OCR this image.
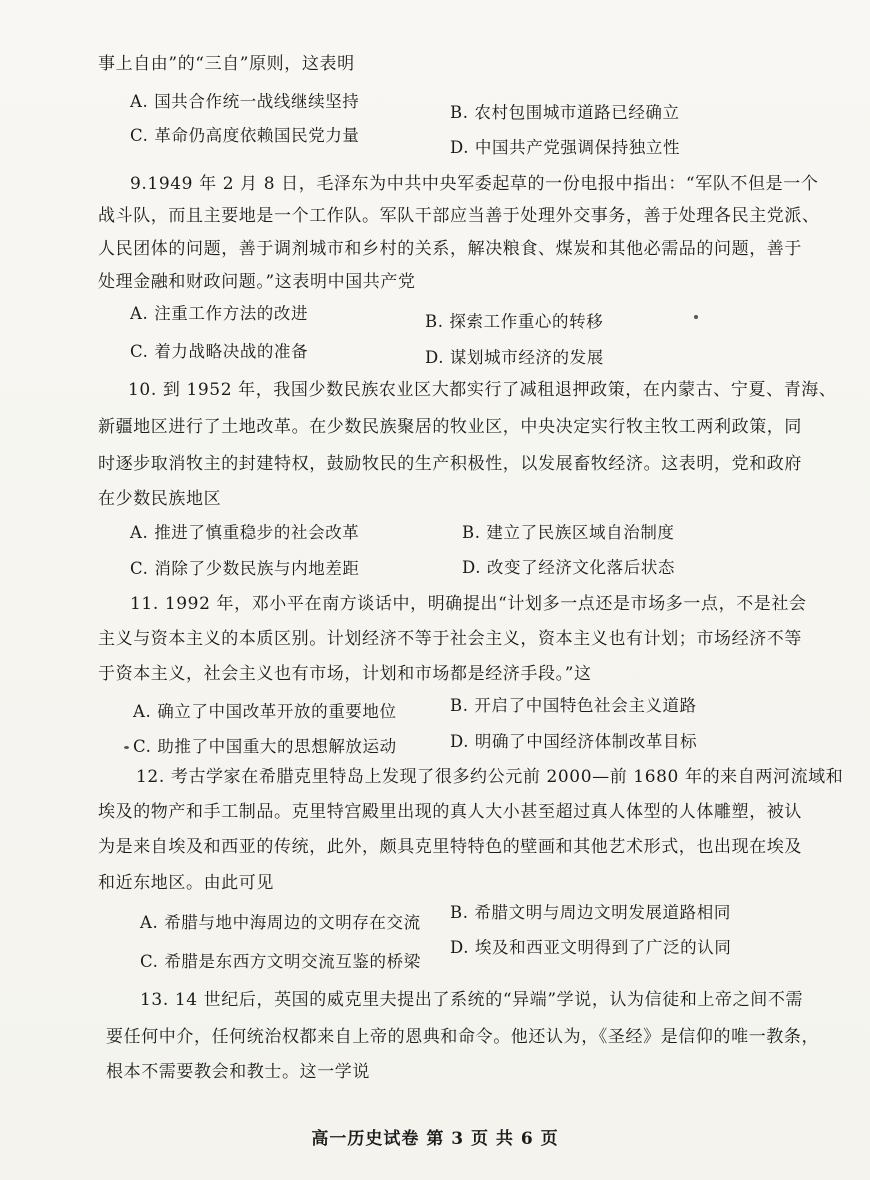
事上自由”的“三自”原则，这表明
A. 国共合作统一战线继续坚持
B. 农村包围城市道路已经确立
C. 革命仍高度依赖国民党力量
D. 中国共产党强调保持独立性
9.1949 年 2 月 8 日，毛泽东为中共中央军委起草的一份电报中指出：“军队不但是一个
战斗队，而且主要地是一个工作队。军队干部应当善于处理外交事务，善于处理各民主党派、
人民团体的问题，善于调剂城市和乡村的关系，解决粮食、煤炭和其他必需品的问题，善于
处理金融和财政问题。”这表明中国共产党
A. 注重工作方法的改进	B. 探索工作重心的转移
C. 着力战略决战的准备	D. 谋划城市经济的发展
10. 到 1952 年，我国少数民族农业区大都实行了减租退押政策，在内蒙古、宁夏、青海、
新疆地区进行了土地改革。在少数民族聚居的牧业区，中央决定实行牧主牧工两利政策，同
时逐步取消牧主的封建特权，鼓励牧民的生产积极性，以发展畜牧经济。这表明，党和政府
在少数民族地区
A. 推进了慎重稳步的社会改革	B. 建立了民族区域自治制度
C. 消除了少数民族与内地差距	D. 改变了经济文化落后状态
11. 1992 年，邓小平在南方谈话中，明确提出“计划多一点还是市场多一点，不是社会
主义与资本主义的本质区别。计划经济不等于社会主义，资本主义也有计划；市场经济不等
于资本主义，社会主义也有市场，计划和市场都是经济手段。”这
A. 确立了中国改革开放的重要地位	B. 开启了中国特色社会主义道路
C. 助推了中国重大的思想解放运动	D. 明确了中国经济体制改革目标
12. 考古学家在希腊克里特岛上发现了很多约公元前 2000—前 1680 年的来自两河流域和
埃及的物产和手工制品。克里特宫殿里出现的真人大小甚至超过真人体型的人体雕塑，被认
为是来自埃及和西亚的传统，此外，颇具克里特特色的壁画和其他艺术形式，也出现在埃及
和近东地区。由此可见
A. 希腊与地中海周边的文明存在交流
B. 希腊文明与周边文明发展道路相同
C. 希腊是东西方文明交流互鉴的桥梁
D. 埃及和西亚文明得到了广泛的认同
13. 14 世纪后，英国的威克里夫提出了系统的“异端”学说，认为信徒和上帝之间不需
要任何中介，任何统治权都来自上帝的恩典和命令。他还认为，《圣经》是信仰的唯一教条，
根本不需要教会和教士。这一学说
高一历史试卷 第 3 页 共 6 页
